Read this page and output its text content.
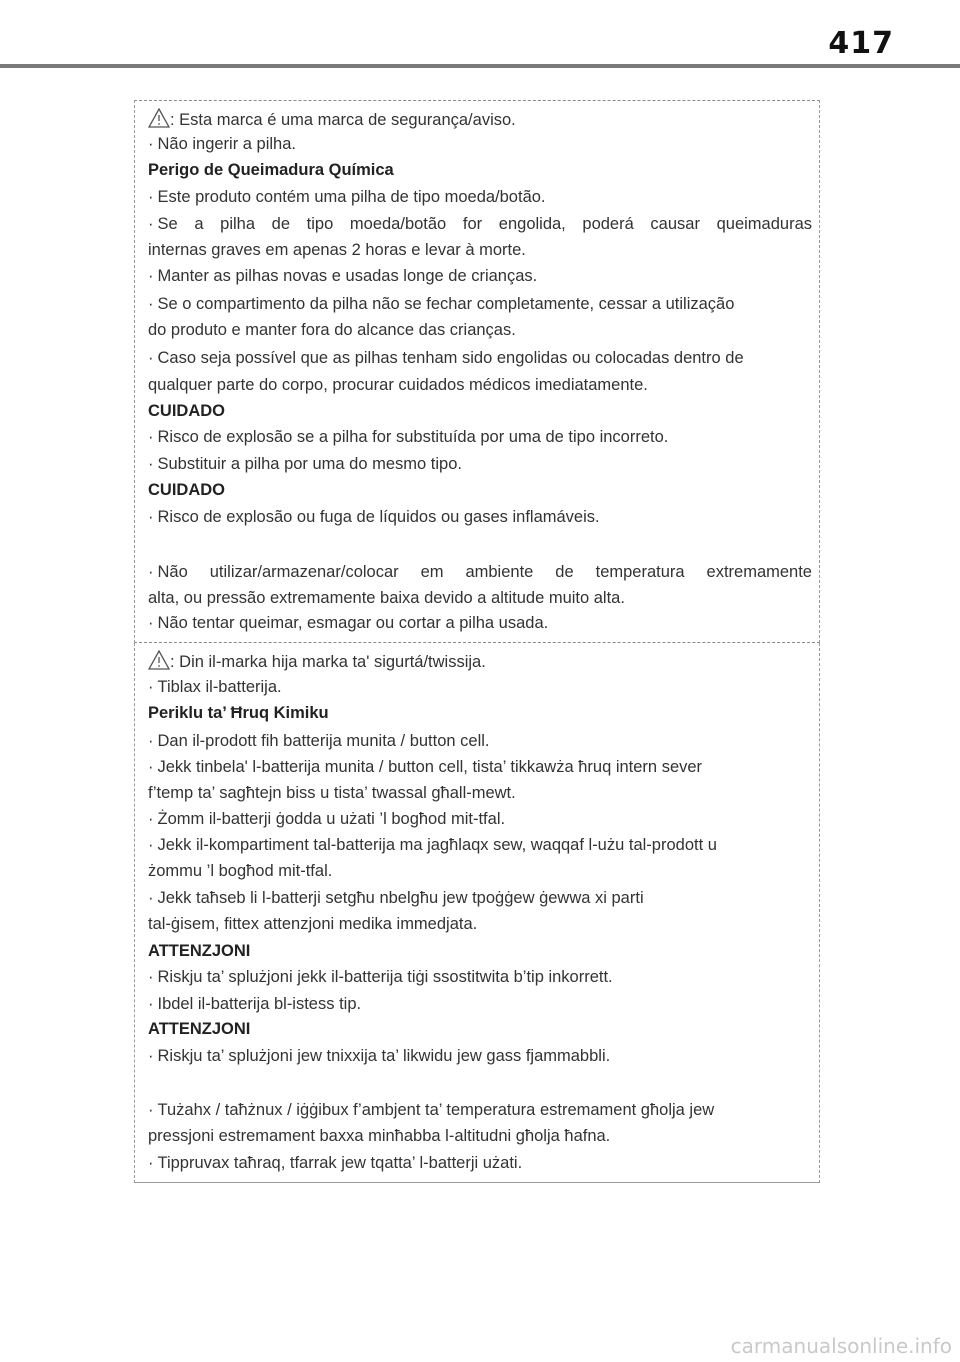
417
: Esta marca é uma marca de segurança/aviso.
· Não ingerir a pilha.
Perigo de Queimadura Química
· Este produto contém uma pilha de tipo moeda/botão.
· Se a pilha de tipo moeda/botão for engolida, poderá causar queimaduras
internas graves em apenas 2 horas e levar à morte.
· Manter as pilhas novas e usadas longe de crianças.
· Se o compartimento da pilha não se fechar completamente, cessar a utilização
do produto e manter fora do alcance das crianças.
· Caso seja possível que as pilhas tenham sido engolidas ou colocadas dentro de
qualquer parte do corpo, procurar cuidados médicos imediatamente.
CUIDADO
· Risco de explosão se a pilha for substituída por uma de tipo incorreto.
· Substituir a pilha por uma do mesmo tipo.
CUIDADO
· Risco de explosão ou fuga de líquidos ou gases inflamáveis.
· Não utilizar/armazenar/colocar em ambiente de temperatura extremamente
alta, ou pressão extremamente baixa devido a altitude muito alta.
· Não tentar queimar, esmagar ou cortar a pilha usada.
: Din il-marka hija marka ta' sigurtá/twissija.
· Tiblax il-batterija.
Periklu ta’ Ħruq Kimiku
· Dan il-prodott fih batterija munita / button cell.
· Jekk tinbela' l-batterija munita / button cell, tista’ tikkawża ħruq intern sever
f’temp ta’ sagħtejn biss u tista’ twassal għall-mewt.
· Żomm il-batterji ġodda u użati ’l bogħod mit-tfal.
· Jekk il-kompartiment tal-batterija ma jagħlaqx sew, waqqaf l-użu tal-prodott u
żommu ’l bogħod mit-tfal.
· Jekk taħseb li l-batterji setgħu nbelgħu jew tpoġġew ġewwa xi parti
tal-ġisem, fittex attenzjoni medika immedjata.
ATTENZJONI
· Riskju ta’ splużjoni jekk il-batterija tiġi ssostitwita b’tip inkorrett.
· Ibdel il-batterija bl-istess tip.
ATTENZJONI
· Riskju ta’ splużjoni jew tnixxija ta’ likwidu jew gass fjammabbli.
· Tużahx / taħżnux / iġġibux f’ambjent ta’ temperatura estremament għolja jew
pressjoni estremament baxxa minħabba l-altitudni għolja ħafna.
· Tippruvax taħraq, tfarrak jew tqatta’ l-batterji użati.
carmanualsonline.info
